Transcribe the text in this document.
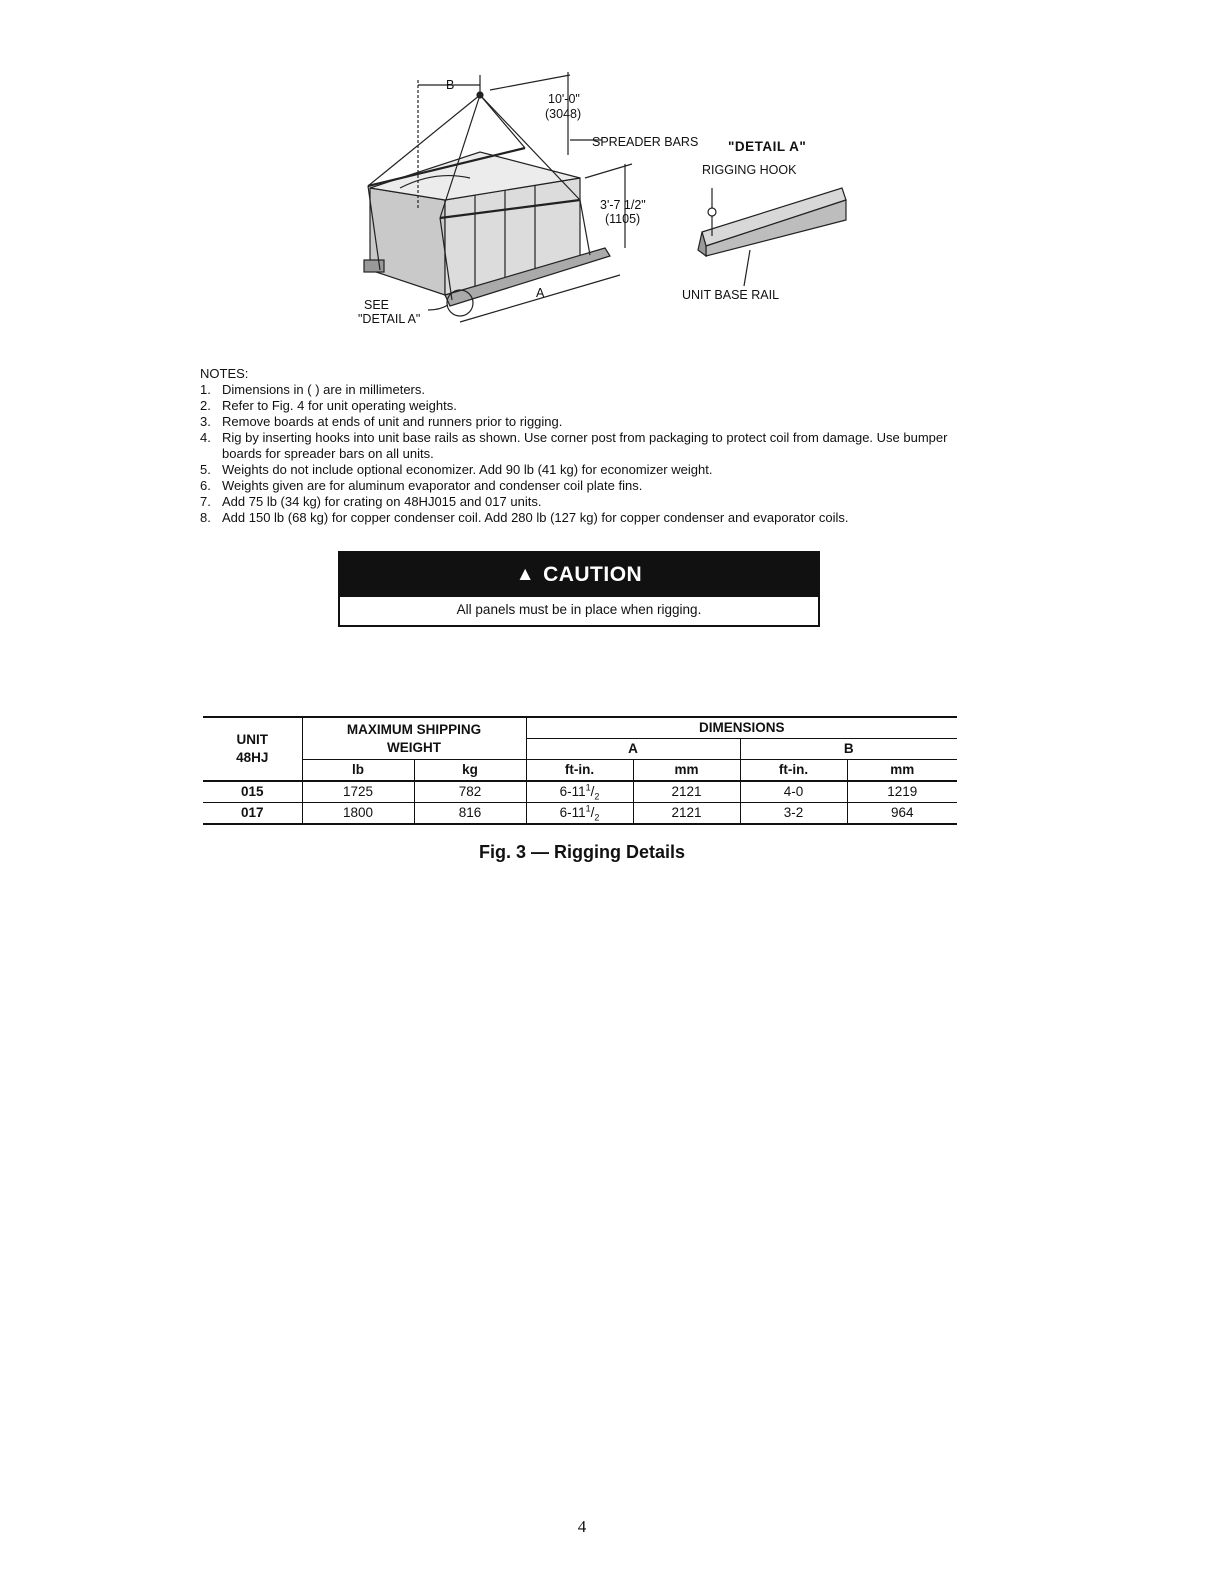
B
10'-0"
(3048)
SPREADER BARS "DETAIL A"
RIGGING HOOK
3'-7 1/2"
(1105)
A	UNIT BASE RAIL
SEE
"DETAIL A"

NOTES:

1. Dimensions in ( ) are in millimeters.
2. Refer to Fig. 4 for unit operating weights.
3. Remove boards at ends of unit and runners prior to rigging.
4. Rig by inserting hooks into unit base rails as shown. Use corner post from packaging to protect coil from damage. Use bumper boards for spreader bars on all units.
5. Weights do not include optional economizer. Add 90 lb (41 kg) for economizer weight.
6. Weights given are for aluminum evaporator and condenser coil plate fins.
7. Add 75 lb (34 kg) for crating on 48HJ015 and 017 units.
8. Add 150 lb (68 kg) for copper condenser coil. Add 280 lb (127 kg) for copper condenser and evaporator coils.
▲ CAUTION
All panels must be in place when rigging.
UNIT
48HJ	MAXIMUM SHIPPING
WEIGHT		DIMENSIONS			
			A		B	
	lb	kg	ft-in.	mm	ft-in.	mm
015	1725	782	$6-11^1/_2$	2121	4-0	1219
017	1800	816	$6-11^1/_2$	2121	3-2	964
Fig. 3 — Rigging Details
4
